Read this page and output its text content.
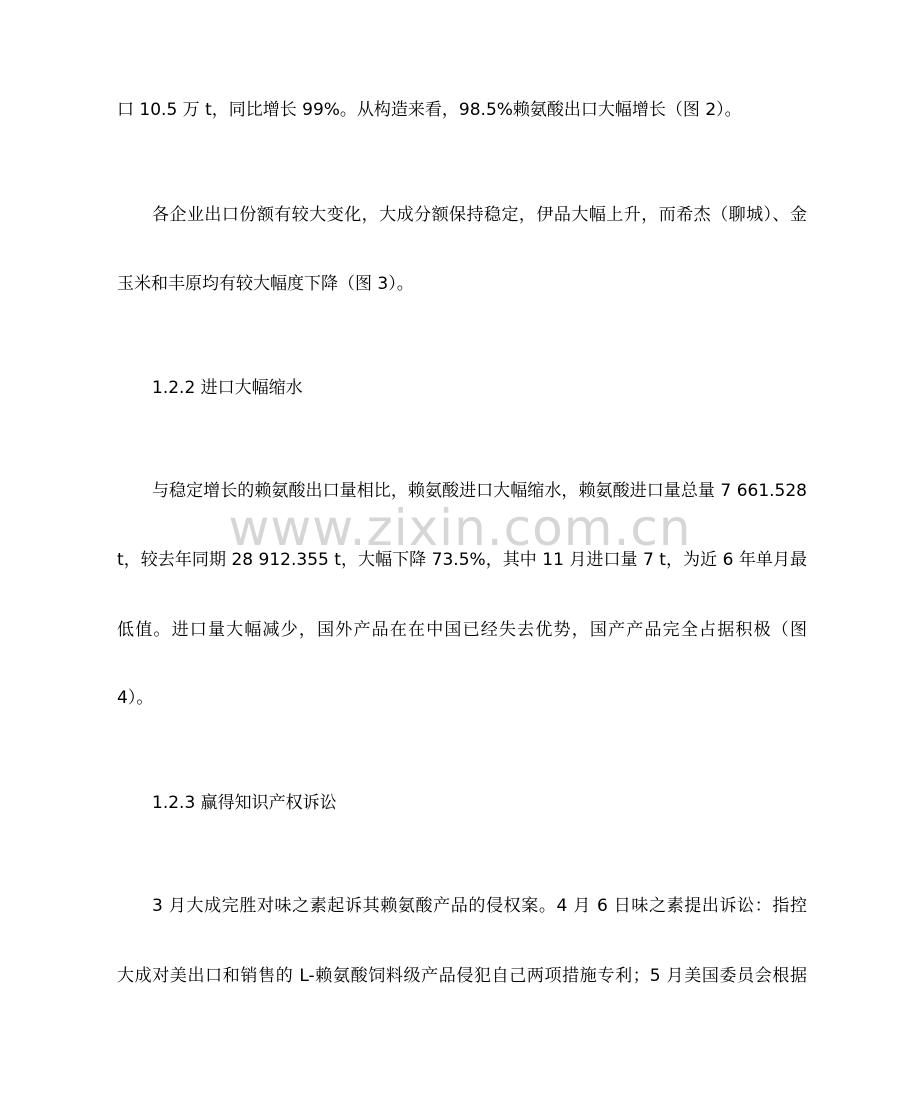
口 10.5 万 t，同比增长 99%。从构造来看，98.5%赖氨酸出口大幅增长（图 2）。
各企业出口份额有较大变化，大成分额保持稳定，伊品大幅上升，而希杰（聊城）、金
玉米和丰原均有较大幅度下降（图 3）。
1.2.2 进口大幅缩水
与稳定增长的赖氨酸出口量相比，赖氨酸进口大幅缩水，赖氨酸进口量总量 7 661.528
t，较去年同期 28 912.355 t，大幅下降 73.5%，其中 11 月进口量 7 t，为近 6 年单月最
低值。进口量大幅减少，国外产品在在中国已经失去优势，国产产品完全占据积极（图
4）。
1.2.3 赢得知识产权诉讼
3 月大成完胜对味之素起诉其赖氨酸产品的侵权案。4 月 6 日味之素提出诉讼：指控
大成对美出口和销售的 L-赖氨酸饲料级产品侵犯自己两项措施专利；5 月美国委员会根据
www.zixin.com.cn
